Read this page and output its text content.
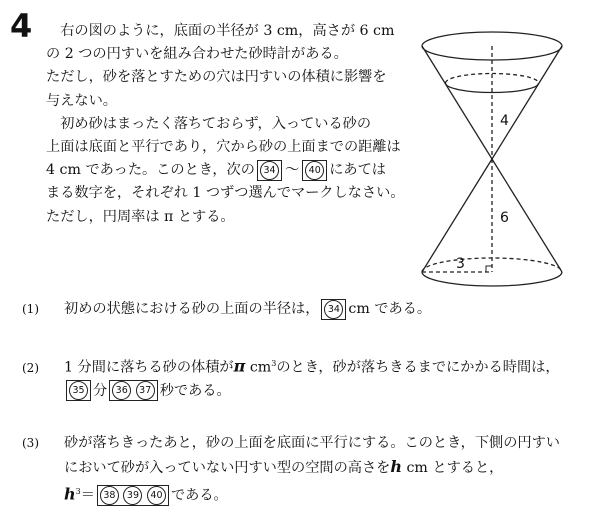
4	右の図のように，底面の半径が 3 cm，高さが 6 cm

の 2 つの円すいを組み合わせた砂時計がある。

ただし，砂を落とすための穴は円すいの体積に影響を

与えない。

初め砂はまったく落ちておらず，入っている砂の

上面は底面と平行であり，穴から砂の上面までの距離は

4 cm であった。このとき，次の 34 ～ 40 にあては

まる数字を，それぞれ 1 つずつ選んでマークしなさい。

ただし，円周率は π とする。

4
6
3
(1) 初めの状態における砂の上面の半径は， 34 cm である。
(2) 1 分間に落ちる砂の体積がπ $cm^3$のとき，砂が落ちきるまでにかかる時間は，
35 分 36 37 秒である。
(3) 砂が落ちきったあと，砂の上面を底面に平行にする。このとき，下側の円すい
において砂が入っていない円すい型の空間の高さをh cm とすると，
$h^3= 38$ 39 40 である。
